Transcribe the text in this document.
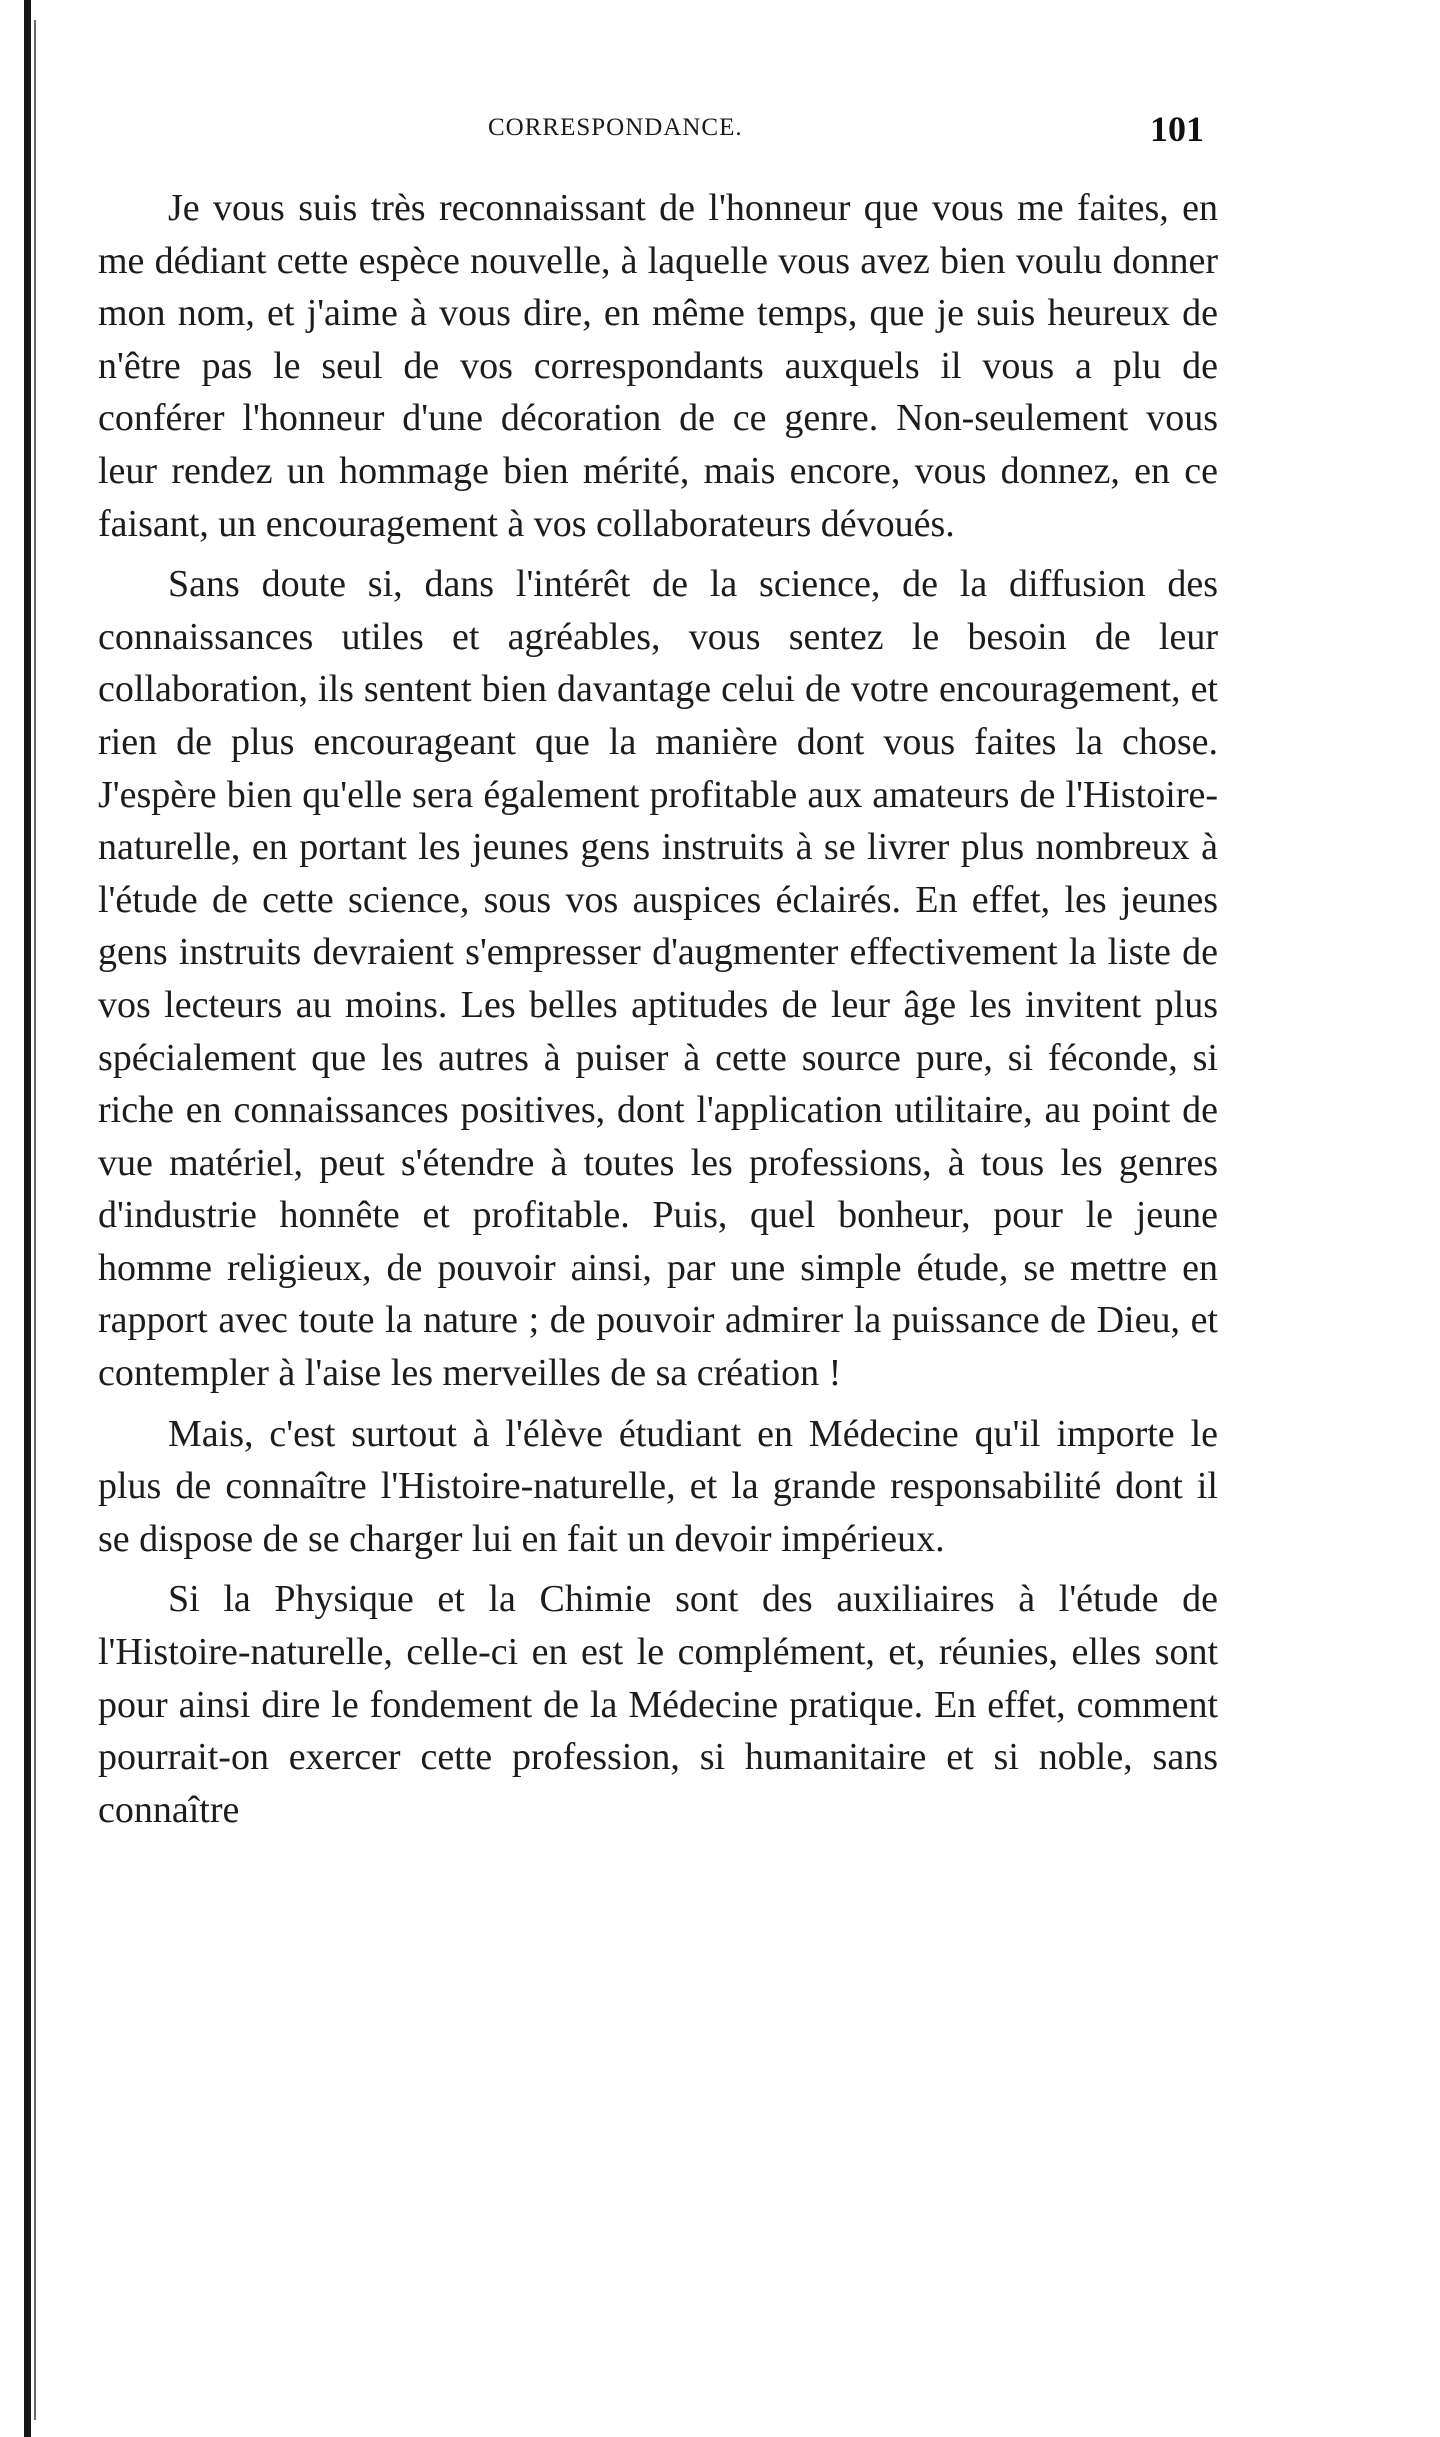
CORRESPONDANCE.	101

Je vous suis très reconnaissant de l'honneur que vous me faites, en me dédiant cette espèce nouvelle, à laquelle vous avez bien voulu donner mon nom, et j'aime à vous dire, en même temps, que je suis heureux de n'être pas le seul de vos correspondants auxquels il vous a plu de conférer l'honneur d'une décoration de ce genre. Non-seulement vous leur rendez un hommage bien mérité, mais encore, vous donnez, en ce faisant, un encouragement à vos collaborateurs dévoués.

Sans doute si, dans l'intérêt de la science, de la diffusion des connaissances utiles et agréables, vous sentez le besoin de leur collaboration, ils sentent bien davantage celui de votre encouragement, et rien de plus encourageant que la manière dont vous faites la chose. J'espère bien qu'elle sera également profitable aux amateurs de l'Histoire-naturelle, en portant les jeunes gens instruits à se livrer plus nombreux à l'étude de cette science, sous vos auspices éclairés. En effet, les jeunes gens instruits devraient s'empresser d'augmenter effectivement la liste de vos lecteurs au moins. Les belles aptitudes de leur âge les invitent plus spécialement que les autres à puiser à cette source pure, si féconde, si riche en connaissances positives, dont l'application utilitaire, au point de vue matériel, peut s'étendre à toutes les professions, à tous les genres d'industrie honnête et profitable. Puis, quel bonheur, pour le jeune homme religieux, de pouvoir ainsi, par une simple étude, se mettre en rapport avec toute la nature ; de pouvoir admirer la puissance de Dieu, et contempler à l'aise les merveilles de sa création !

Mais, c'est surtout à l'élève étudiant en Médecine qu'il importe le plus de connaître l'Histoire-naturelle, et la grande responsabilité dont il se dispose de se charger lui en fait un devoir impérieux.

Si la Physique et la Chimie sont des auxiliaires à l'étude de l'Histoire-naturelle, celle-ci en est le complément, et, réunies, elles sont pour ainsi dire le fondement de la Médecine pratique. En effet, comment pourrait-on exercer cette profession, si humanitaire et si noble, sans connaître
